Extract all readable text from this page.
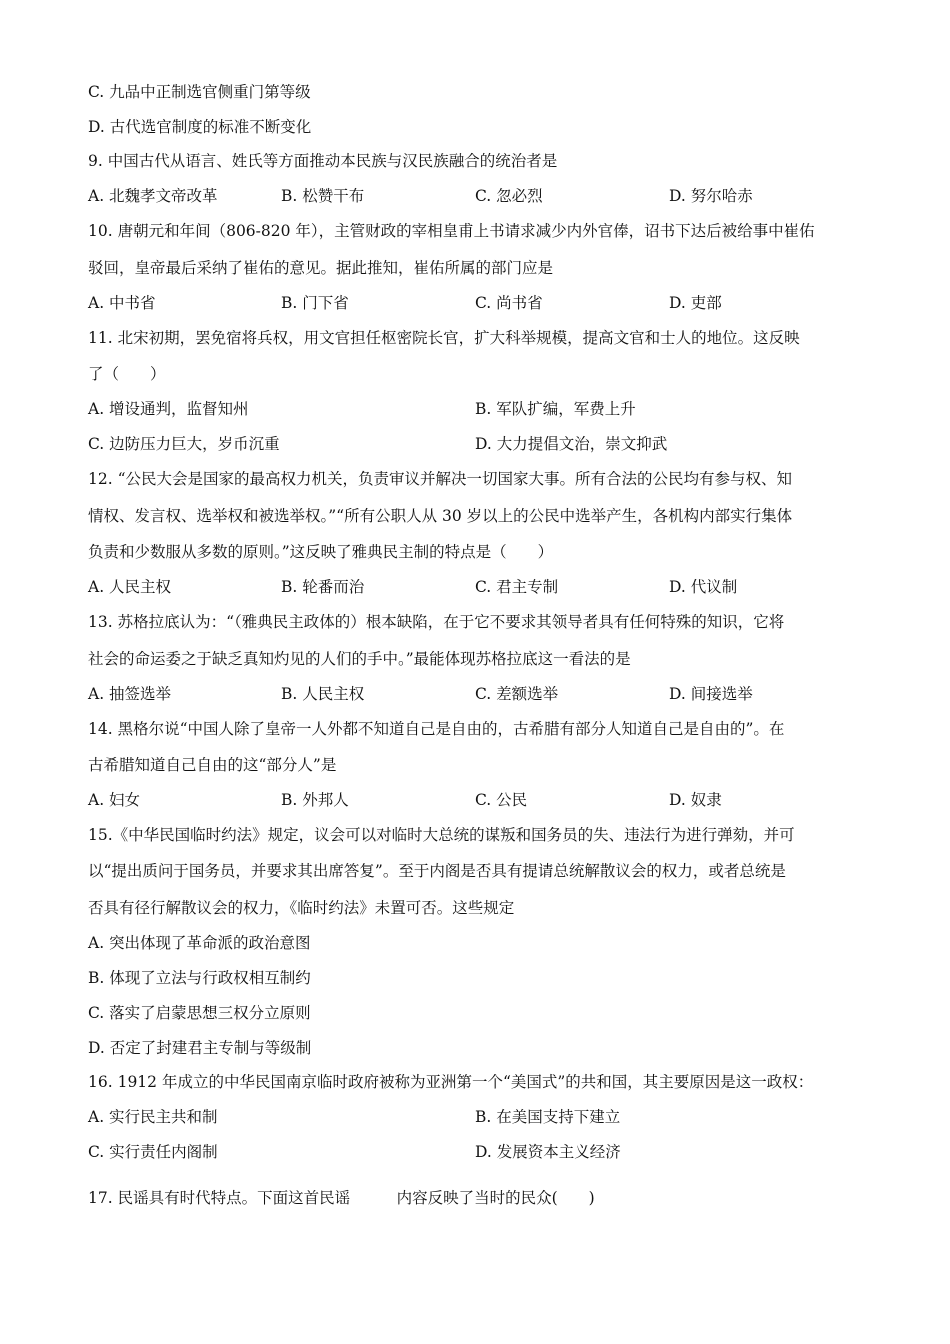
C. 九品中正制选官侧重门第等级
D. 古代选官制度的标准不断变化
9. 中国古代从语言、姓氏等方面推动本民族与汉民族融合的统治者是
A. 北魏孝文帝改革	B. 松赞干布	C. 忽必烈	D. 努尔哈赤
10. 唐朝元和年间（806-820 年），主管财政的宰相皇甫上书请求减少内外官俸，诏书下达后被给事中崔佑
驳回，皇帝最后采纳了崔佑的意见。据此推知，崔佑所属的部门应是
A. 中书省	B. 门下省	C. 尚书省	D. 吏部
11. 北宋初期，罢免宿将兵权，用文官担任枢密院长官，扩大科举规模，提高文官和士人的地位。这反映
了（　　）
A. 增设通判，监督知州	B. 军队扩编，军费上升
C. 边防压力巨大，岁币沉重	D. 大力提倡文治，崇文抑武
12. “公民大会是国家的最高权力机关，负责审议并解决一切国家大事。所有合法的公民均有参与权、知
情权、发言权、选举权和被选举权。”“所有公职人从 30 岁以上的公民中选举产生，各机构内部实行集体
负责和少数服从多数的原则。”这反映了雅典民主制的特点是（　　）
A. 人民主权	B. 轮番而治	C. 君主专制	D. 代议制
13. 苏格拉底认为：“（雅典民主政体的）根本缺陷，在于它不要求其领导者具有任何特殊的知识，它将
社会的命运委之于缺乏真知灼见的人们的手中。”最能体现苏格拉底这一看法的是
A. 抽签选举	B. 人民主权	C. 差额选举	D. 间接选举
14. 黑格尔说“中国人除了皇帝一人外都不知道自己是自由的，古希腊有部分人知道自己是自由的”。在
古希腊知道自己自由的这“部分人”是
A. 妇女	B. 外邦人	C. 公民	D. 奴隶
15.《中华民国临时约法》规定，议会可以对临时大总统的谋叛和国务员的失、违法行为进行弹劾，并可
以“提出质问于国务员，并要求其出席答复”。至于内阁是否具有提请总统解散议会的权力，或者总统是
否具有径行解散议会的权力，《临时约法》未置可否。这些规定
A. 突出体现了革命派的政治意图
B. 体现了立法与行政权相互制约
C. 落实了启蒙思想三权分立原则
D. 否定了封建君主专制与等级制
16. 1912 年成立的中华民国南京临时政府被称为亚洲第一个“美国式”的共和国，其主要原因是这一政权：
A. 实行民主共和制	B. 在美国支持下建立
C. 实行责任内阁制	D. 发展资本主义经济
17. 民谣具有时代特点。下面这首民谣　　　内容反映了当时的民众(　　)
